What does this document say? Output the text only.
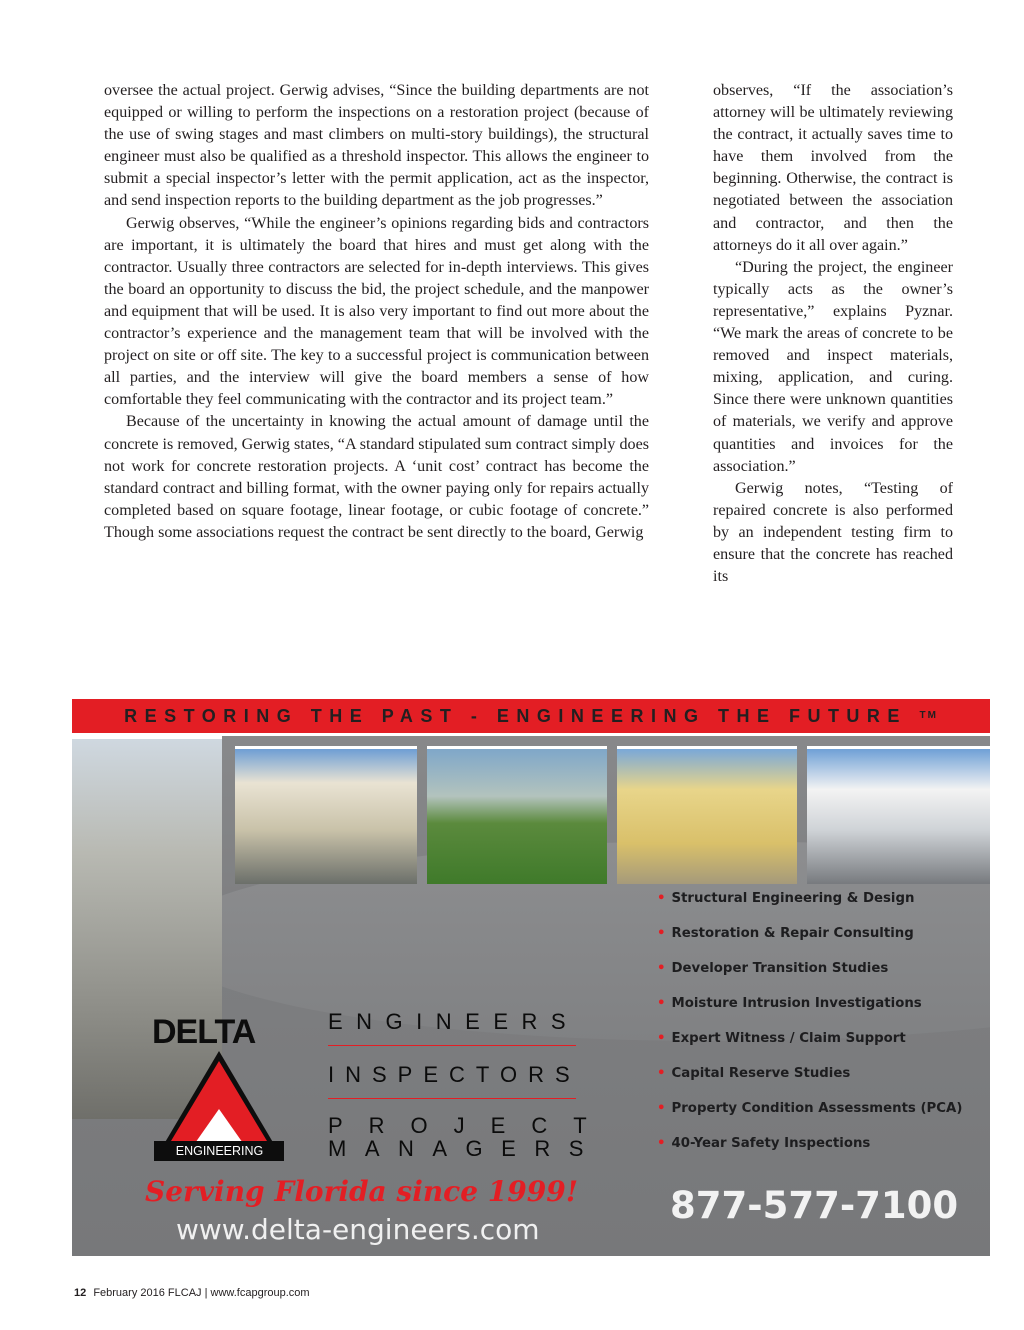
oversee the actual project. Gerwig advises, “Since the building departments are not equipped or willing to perform the inspections on a restoration project (because of the use of swing stages and mast climbers on multi-story buildings), the structural engineer must also be qualified as a threshold inspector. This allows the engineer to submit a special inspector’s letter with the permit application, act as the inspector, and send inspection reports to the building department as the job progresses.”

Gerwig observes, “While the engineer’s opinions regarding bids and contractors are important, it is ultimately the board that hires and must get along with the contractor. Usually three contractors are selected for in-depth interviews. This gives the board an opportunity to discuss the bid, the project schedule, and the manpower and equipment that will be used. It is also very important to find out more about the contractor’s experience and the management team that will be involved with the project on site or off site. The key to a successful project is communication between all parties, and the interview will give the board members a sense of how comfortable they feel communicating with the contractor and its project team.”

Because of the uncertainty in knowing the actual amount of damage until the concrete is removed, Gerwig states, “A standard stipulated sum contract simply does not work for concrete restoration projects. A ‘unit cost’ contract has become the standard contract and billing format, with the owner paying only for repairs actually completed based on square footage, linear footage, or cubic footage of concrete.” Though some associations request the contract be sent directly to the board, Gerwig

observes, “If the association’s attorney will be ultimately reviewing the contract, it actually saves time to have them involved from the beginning. Otherwise, the contract is negotiated between the association and contractor, and then the attorneys do it all over again.”

“During the project, the engineer typically acts as the owner’s representative,” explains Pyznar. “We mark the areas of concrete to be removed and inspect materials, mixing, application, and curing. Since there were unknown quantities of materials, we verify and approve quantities and invoices for the association.”

Gerwig notes, “Testing of repaired concrete is also performed by an independent testing firm to ensure that the concrete has reached its

RESTORING THE PAST - ENGINEERING THE FUTURE ™
• Structural Engineering & Design
• Restoration & Repair Consulting
• Developer Transition Studies
• Moisture Intrusion Investigations
• Expert Witness / Claim Support
• Capital Reserve Studies
• Property Condition Assessments (PCA)
• 40-Year Safety Inspections
DELTA
ENGINEERING
ENGINEERS
INSPECTORS
PROJECT
MANAGERS
Serving Florida since 1999!
www.delta-engineers.com
877-577-7100
12 February 2016 FLCAJ | www.fcapgroup.com
